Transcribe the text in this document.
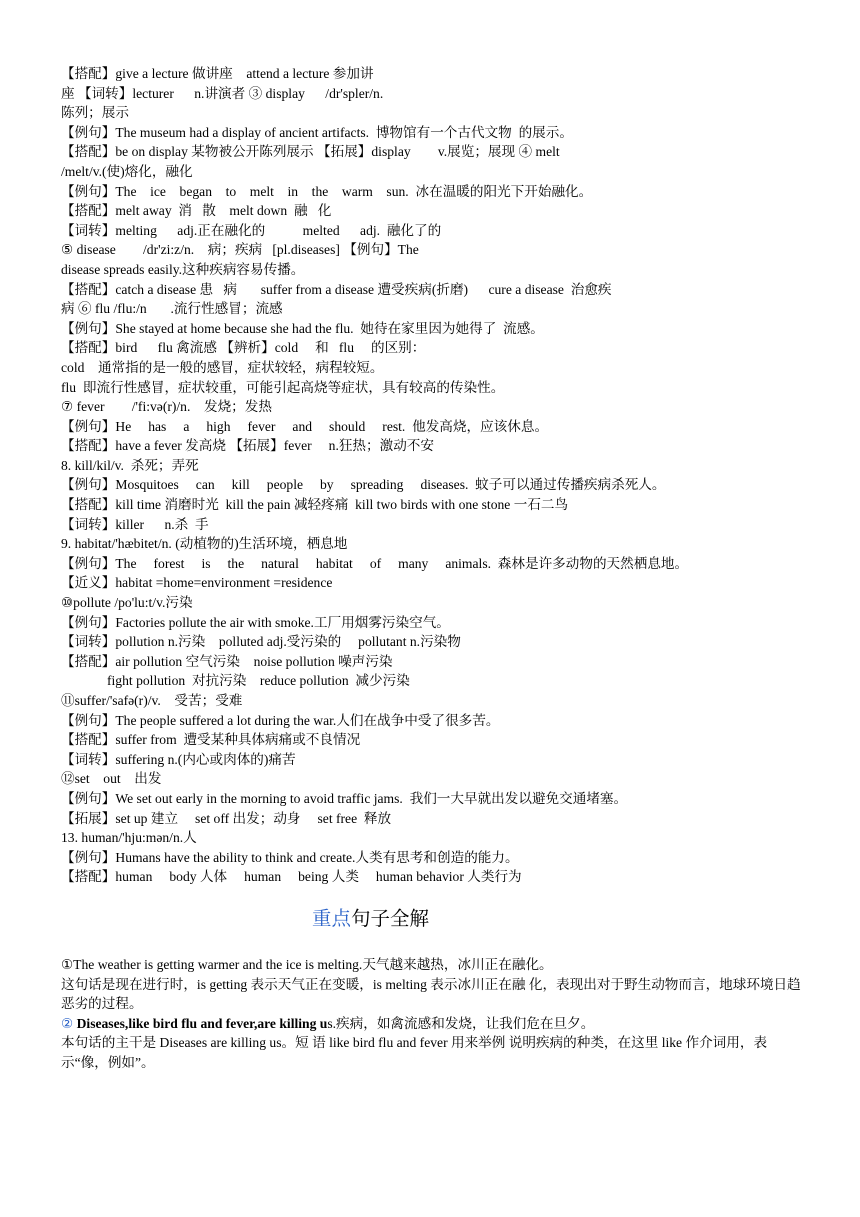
【搭配】give a lecture 做讲座    attend a lecture 参加讲
座 【词转】lecturer      n.讲演者 ③ display      /dr'spler/n.
陈列；展示
【例句】The museum had a display of ancient artifacts.  博物馆有一个古代文物  的展示。
【搭配】be on display 某物被公开陈列展示 【拓展】display        v.展览；展现 ④ melt
/melt/v.(使)熔化，融化
【例句】The    ice    began    to    melt    in    the    warm    sun.  冰在温暖的阳光下开始融化。
【搭配】melt away  消   散    melt down  融   化
【词转】melting      adj.正在融化的           melted      adj.  融化了的
⑤ disease        /dr'zi:z/n.    病；疾病   [pl.diseases] 【例句】The
disease spreads easily.这种疾病容易传播。
【搭配】catch a disease 患   病       suffer from a disease 遭受疾病(折磨)      cure a disease  治愈疾
病 ⑥ flu /flu:/n       .流行性感冒；流感
【例句】She stayed at home because she had the flu.  她待在家里因为她得了  流感。
【搭配】bird      flu 禽流感 【辨析】cold     和   flu     的区别：
cold    通常指的是一般的感冒，症状较轻，病程较短。
flu  即流行性感冒，症状较重，可能引起高烧等症状，具有较高的传染性。
⑦ fever        /'fi:və(r)/n.    发烧；发热
【例句】He     has     a     high     fever     and     should     rest.  他发高烧，应该休息。
【搭配】have a fever 发高烧 【拓展】fever     n.狂热；激动不安
8. kill/kil/v.  杀死；弄死
【例句】Mosquitoes     can     kill     people     by     spreading     diseases.  蚊子可以通过传播疾病杀死人。
【搭配】kill time 消磨时光  kill the pain 减轻疼痛  kill two birds with one stone 一石二鸟
【词转】killer      n.杀  手
9. habitat/'hæbitet/n. (动植物的)生活环境，栖息地
【例句】The     forest     is     the     natural     habitat     of     many     animals.  森林是许多动物的天然栖息地。
【近义】habitat =home=environment =residence
⑩pollute /po'lu:t/v.污染
【例句】Factories pollute the air with smoke.工厂用烟雾污染空气。
【词转】pollution n.污染    polluted adj.受污染的     pollutant n.污染物
【搭配】air pollution 空气污染    noise pollution 噪声污染
fight pollution  对抗污染    reduce pollution  减少污染
⑪suffer/'safə(r)/v.    受苦；受难
【例句】The people suffered a lot during the war.人们在战争中受了很多苦。
【搭配】suffer from  遭受某种具体病痛或不良情况
【词转】suffering n.(内心或肉体的)痛苦
⑫set    out    出发
【例句】We set out early in the morning to avoid traffic jams.  我们一大早就出发以避免交通堵塞。
【拓展】set up 建立     set off 出发；动身     set free  释放
13. human/'hju:mən/n.人
【例句】Humans have the ability to think and create.人类有思考和创造的能力。
【搭配】human     body 人体     human     being 人类     human behavior 人类行为
重点句子全解
①The weather is getting warmer and the ice is melting.天气越来越热，冰川正在融化。
这句话是现在进行时，is getting 表示天气正在变暖，is melting 表示冰川正在融 化，表现出对于野生动物而言，地球环境日趋恶劣的过程。
② Diseases,like bird flu and fever,are killing us.疾病，如禽流感和发烧，让我们危在旦夕。
本句话的主干是 Diseases are killing us。短 语 like bird flu and fever 用来举例 说明疾病的种类，在这里 like 作介词用，表示“像，例如”。
